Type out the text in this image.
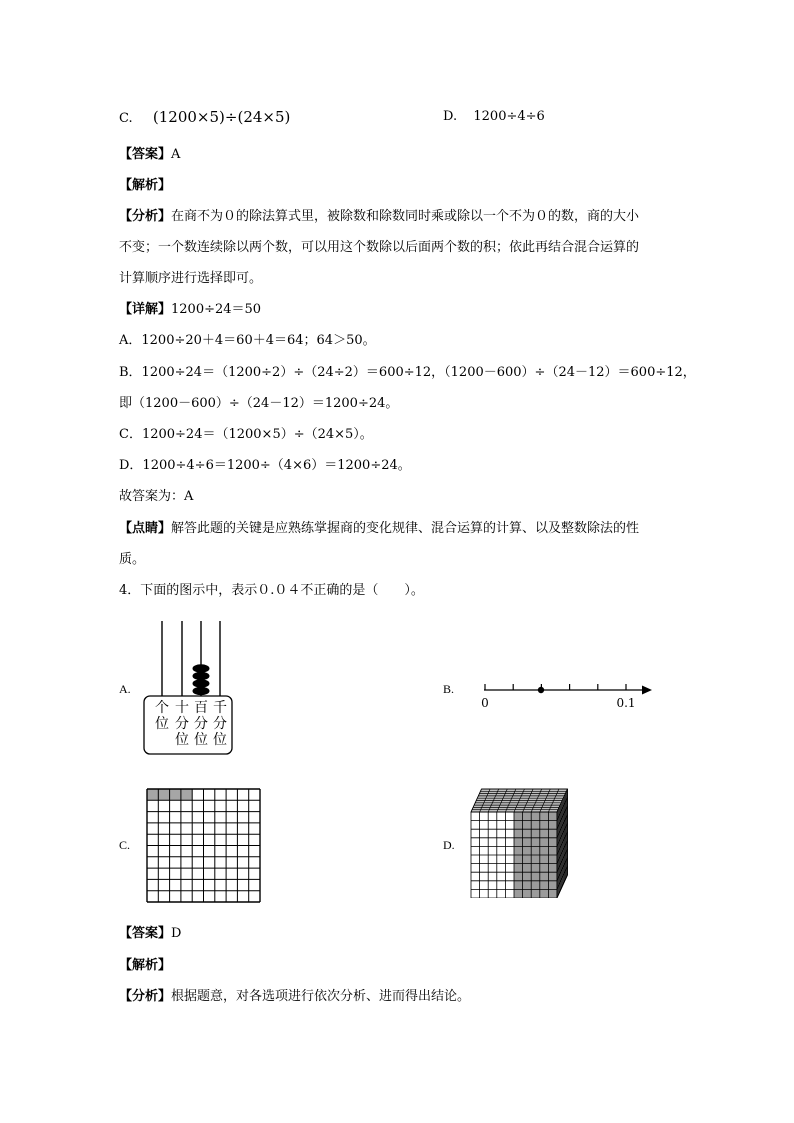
C. (1200×5)÷(24×5)	D. 1200÷4÷6
【答案】A
【解析】
【分析】在商不为０的除法算式里，被除数和除数同时乘或除以一个不为０的数，商的大小
不变；一个数连续除以两个数，可以用这个数除以后面两个数的积；依此再结合混合运算的
计算顺序进行选择即可。
【详解】1200÷24＝50
A．1200÷20＋4＝60＋4＝64；64＞50。
B．1200÷24＝（1200÷2）÷（24÷2）＝600÷12，（1200－600）÷（24－12）＝600÷12，
即（1200－600）÷（24－12）＝1200÷24。
C．1200÷24＝（1200×5）÷（24×5）。
D．1200÷4÷6＝1200÷（4×6）＝1200÷24。
故答案为：A
【点睛】解答此题的关键是应熟练掌握商的变化规律、混合运算的计算、以及整数除法的性
质。
4．下面的图示中，表示０.０４不正确的是（　　）。
A.
个
位
十
分
位
百
分
位
千
分
位
B.
0	0.1
C.	D.
【答案】D
【解析】
【分析】根据题意，对各选项进行依次分析、进而得出结论。
